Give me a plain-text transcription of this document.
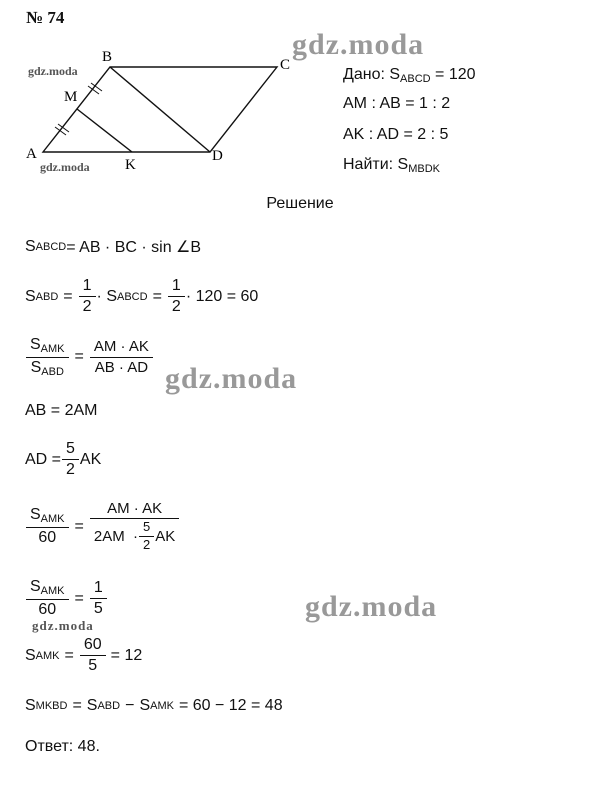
№ 74
A
B	C
D
M
K
gdz.moda
gdz.moda
gdz.moda
Дано: $S_{ABCD} = 120$
AM : AB = 1 : 2
AK : AD = 2 : 5
Найти: $S_{MBDK}$
Решение
S ABCD = AB · BC · sin ∠B
S ABD = $\frac{1}{2} \cdot S$ ABCD = $\frac{1}{2} \cdot 120 = 60$
$\frac{S_{AMK}}{S_{ABD}} = \frac{AM \cdot AK}{AB \cdot AD}$
gdz.moda
AB = 2AM
AD = $\frac{5}{2}$ AK
$\frac{S_{AMK}}{60} = \frac{AM \cdot AK}{2AM \cdot \frac{5}{2} AK}$
$\frac{S_{AMK}}{60} = \frac{1}{5}$	gdz.moda
gdz.moda
S AMK = $\frac{60}{5} = 12$
S MKBD = S ABD − S AMK = 60 − 12 = 48
Ответ: 48.
